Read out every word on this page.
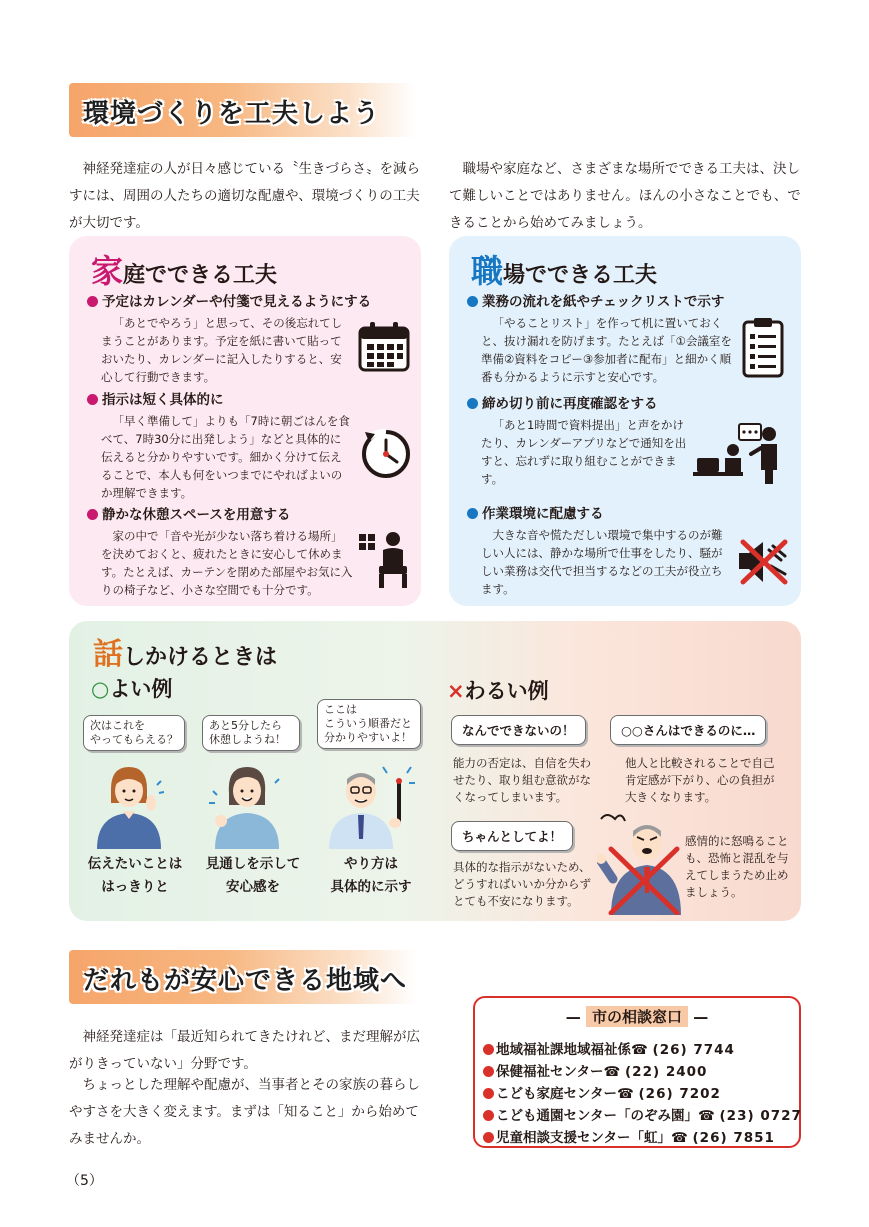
環境づくりを工夫しよう
神経発達症の人が日々感じている〝生きづらさ〟を減らすには、周囲の人たちの適切な配慮や、環境づくりの工夫が大切です。
職場や家庭など、さまざまな場所でできる工夫は、決して難しいことではありません。ほんの小さなことでも、できることから始めてみましょう。
家庭でできる工夫
予定はカレンダーや付箋で見えるようにする
「あとでやろう」と思って、その後忘れてしまうことがあります。予定を紙に書いて貼っておいたり、カレンダーに記入したりすると、安心して行動できます。
指示は短く具体的に
「早く準備して」よりも「7時に朝ごはんを食べて、7時30分に出発しよう」などと具体的に伝えると分かりやすいです。細かく分けて伝えることで、本人も何をいつまでにやればよいのか理解できます。
静かな休憩スペースを用意する
家の中で「音や光が少ない落ち着ける場所」を決めておくと、疲れたときに安心して休めます。たとえば、カーテンを閉めた部屋やお気に入りの椅子など、小さな空間でも十分です。
職場でできる工夫
業務の流れを紙やチェックリストで示す
「やることリスト」を作って机に置いておくと、抜け漏れを防げます。たとえば「①会議室を準備②資料をコピー③参加者に配布」と細かく順番も分かるように示すと安心です。
締め切り前に再度確認をする
「あと1時間で資料提出」と声をかけたり、カレンダーアプリなどで通知を出すと、忘れずに取り組むことができます。
作業環境に配慮する
大きな音や慌ただしい環境で集中するのが難しい人には、静かな場所で仕事をしたり、騒がしい業務は交代で担当するなどの工夫が役立ちます。
話しかけるときは
○よい例	×わるい例
次はこれを
やってもらえる？
あと5分したら
休憩しようね！
ここは
こういう順番だと
分かりやすいよ！
伝えたいことは
はっきりと
見通しを示して
安心感を
やり方は
具体的に示す
なんでできないの！
能力の否定は、自信を失わせたり、取り組む意欲がなくなってしまいます。
○○さんはできるのに…
他人と比較されることで自己肯定感が下がり、心の負担が大きくなります。
ちゃんとしてよ！
具体的な指示がないため、どうすればいいか分からずとても不安になります。
感情的に怒鳴ることも、恐怖と混乱を与えてしまうため止めましょう。
だれもが安心できる地域へ
神経発達症は「最近知られてきたけれど、まだ理解が広がりきっていない」分野です。
ちょっとした理解や配慮が、当事者とその家族の暮らしやすさを大きく変えます。まずは「知ること」から始めてみませんか。
— 市の相談窓口 —
地域福祉課地域福祉係☎ (26) 7744
保健福祉センター☎ (22) 2400
こども家庭センター☎ (26) 7202
こども通園センター「のぞみ園」☎ (23) 0727
児童相談支援センター「虹」☎ (26) 7851
（5）
